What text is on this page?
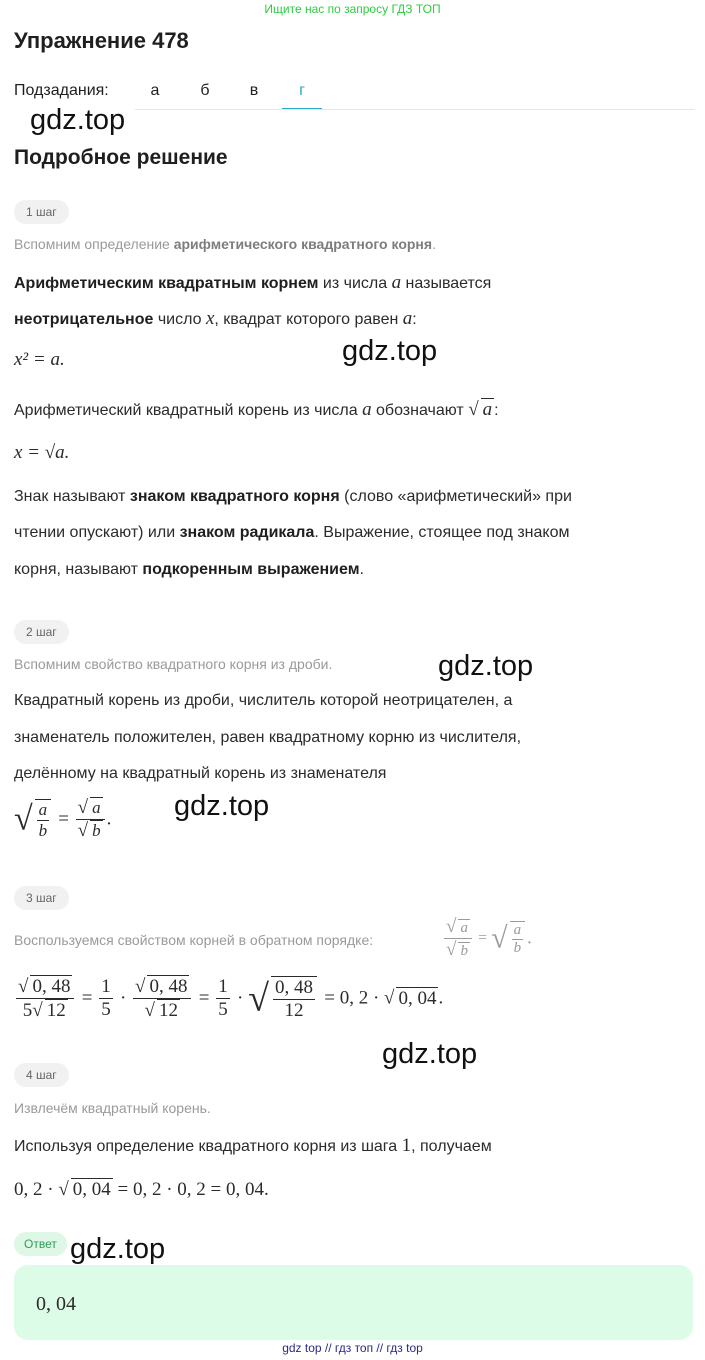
Ищите нас по запросу ГДЗ ТОП
Упражнение 478
Подзадания:	а	б	в	г
gdz.top
Подробное решение
1 шаг
Вспомним определение арифметического квадратного корня.
Арифметическим квадратным корнем из числа a называется
неотрицательное число x, квадрат которого равен a:
x² = a.	gdz.top
Арифметический квадратный корень из числа a обозначают √ a :
x = √a.
Знак называют знаком квадратного корня (слово «арифметический» при
чтении опускают) или знаком радикала. Выражение, стоящее под знаком
корня, называют подкоренным выражением.
2 шаг
Вспомним свойство квадратного корня из дроби.	gdz.top
Квадратный корень из дроби, числитель которой неотрицателен, а
знаменатель положителен, равен квадратному корню из числителя,
делённому на квадратный корень из знаменателя
√ $\frac{a}{b} = \frac{√ a}{√ b}$ . gdz.top
3 шаг
Воспользуемся свойством корней в обратном порядке:	$\frac{√ a}{√ b}$ = √ $\frac{a}{b}$ .
$\frac{√ 0, 48}{5√ 12} = \frac{1}{5} \cdot \frac{√ 0, 48}{√ 12} = \frac{1}{5}$ · √ $\frac{0, 48}{12} = 0$, 2 · √ 0, 04 .
gdz.top
4 шаг
Извлечём квадратный корень.
Используя определение квадратного корня из шага 1, получаем
0, 2 · √ 0, 04 = 0, 2 · 0, 2 = 0, 04.
Ответ gdz.top
0, 04
gdz top // гдз топ // гдз top
